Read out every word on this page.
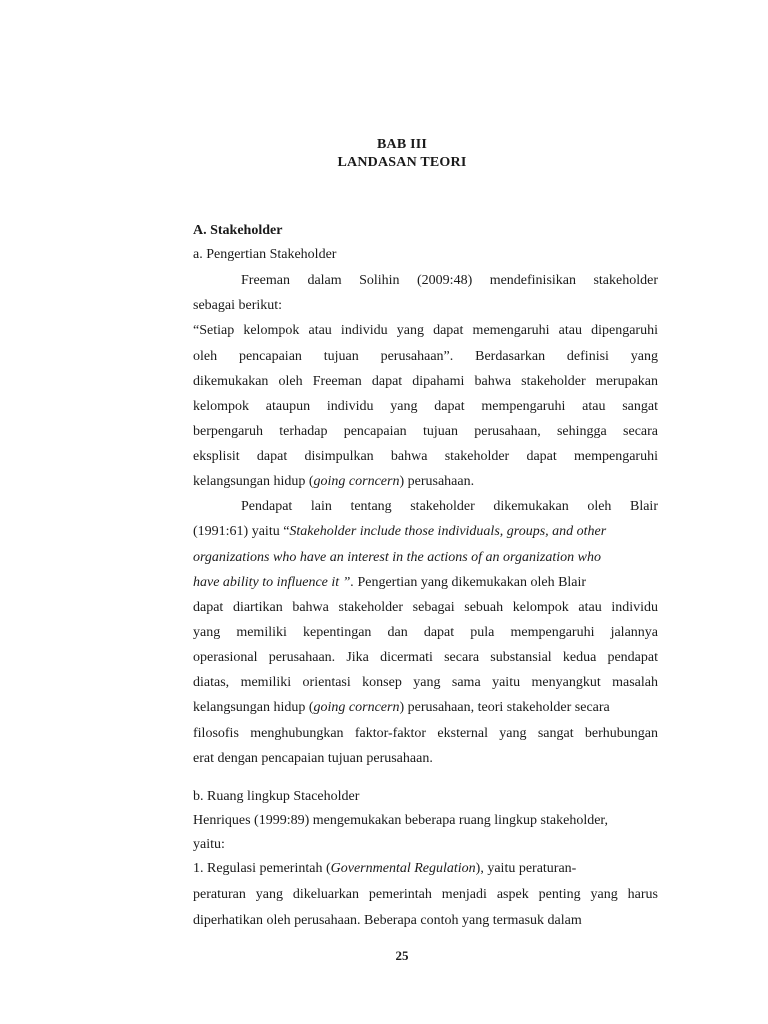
BAB III
LANDASAN TEORI
A. Stakeholder
a. Pengertian Stakeholder
Freeman dalam Solihin (2009:48) mendefinisikan stakeholder
sebagai berikut:
“Setiap kelompok atau individu yang dapat memengaruhi atau dipengaruhi
oleh pencapaian tujuan perusahaan”. Berdasarkan definisi yang
dikemukakan oleh Freeman dapat dipahami bahwa stakeholder merupakan
kelompok ataupun individu yang dapat mempengaruhi atau sangat
berpengaruh terhadap pencapaian tujuan perusahaan, sehingga secara
eksplisit dapat disimpulkan bahwa stakeholder dapat mempengaruhi
kelangsungan hidup (going corncern) perusahaan.
Pendapat lain tentang stakeholder dikemukakan oleh Blair
(1991:61) yaitu “Stakeholder include those individuals, groups, and other
organizations who have an interest in the actions of an organization who
have ability to influence it ”. Pengertian yang dikemukakan oleh Blair
dapat diartikan bahwa stakeholder sebagai sebuah kelompok atau individu
yang memiliki kepentingan dan dapat pula mempengaruhi jalannya
operasional perusahaan. Jika dicermati secara substansial kedua pendapat
diatas, memiliki orientasi konsep yang sama yaitu menyangkut masalah
kelangsungan hidup (going corncern) perusahaan, teori stakeholder secara
filosofis menghubungkan faktor-faktor eksternal yang sangat berhubungan
erat dengan pencapaian tujuan perusahaan.
b. Ruang lingkup Staceholder
Henriques (1999:89) mengemukakan beberapa ruang lingkup stakeholder,
yaitu:
1. Regulasi pemerintah (Governmental Regulation), yaitu peraturan-
peraturan yang dikeluarkan pemerintah menjadi aspek penting yang harus
diperhatikan oleh perusahaan. Beberapa contoh yang termasuk dalam
25
